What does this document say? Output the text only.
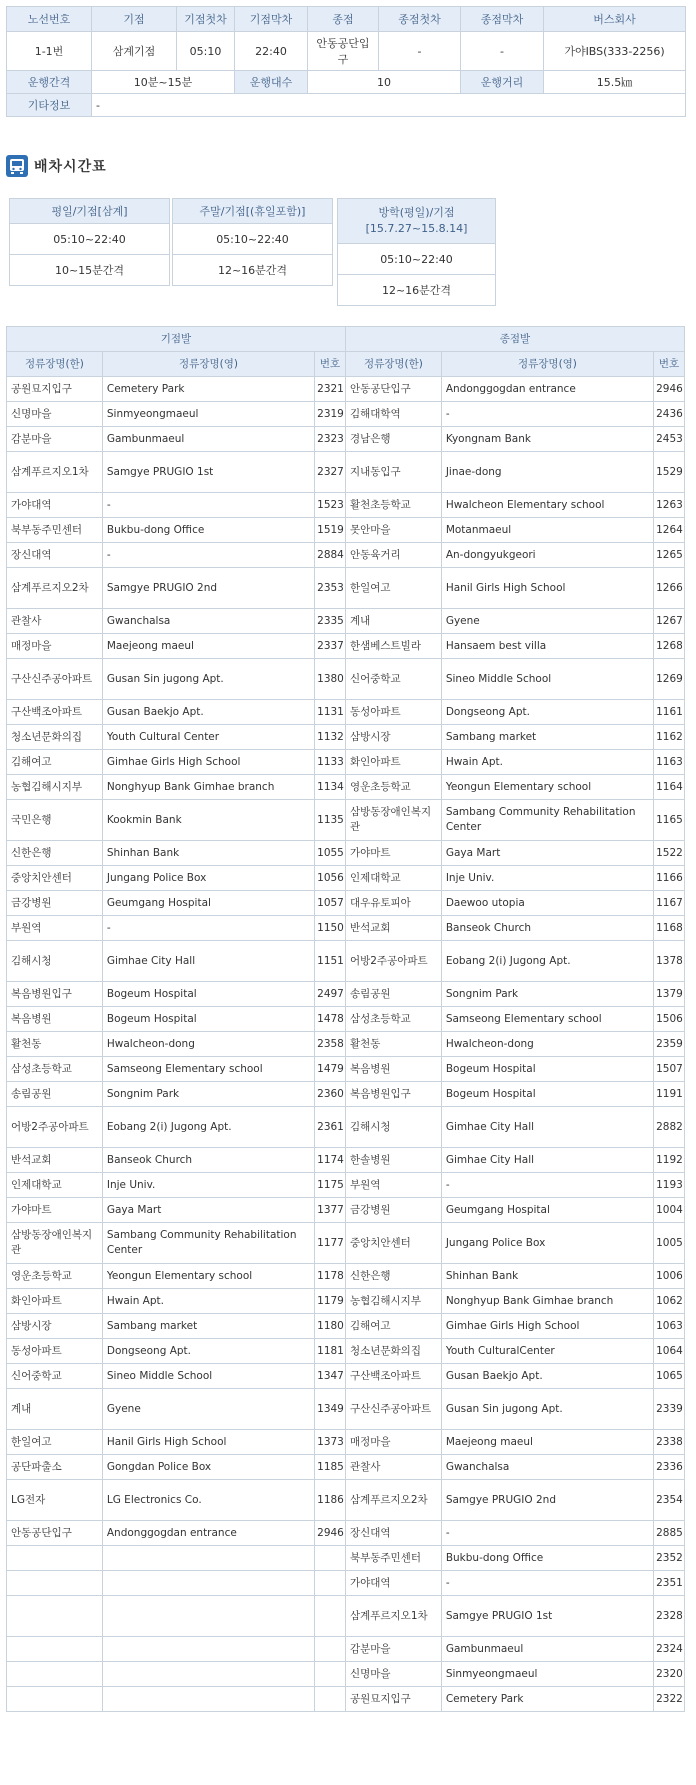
노선번호	기점	기점첫차	기점막차	종점	종점첫차	종점막차	버스회사
1-1번	삼계기점	05:10	22:40	안동공단입구	-	-	가야IBS(333-2256)
운행간격	10분~15분		운행대수	10		운행거리	15.5㎞
기타정보	-						
배차시간표
평일/기점[삼계]
05:10~22:40
10~15분간격
주말/기점[(휴일포함)]
05:10~22:40
12~16분간격
방학(평일)/기점
[15.7.27~15.8.14]
05:10~22:40
12~16분간격
기점발			종점발		
정류장명(한)	정류장명(영)	번호	정류장명(한)	정류장명(영)	번호
공원묘지입구	Cemetery Park	2321	안동공단입구	Andonggogdan entrance	2946
신명마을	Sinmyeongmaeul	2319	김해대학역	-	2436
감분마을	Gambunmaeul	2323	경남은행	Kyongnam Bank	2453
삼계푸르지오1차	Samgye PRUGIO 1st	2327	지내동입구	Jinae-dong	1529
가야대역	-	1523	활천초등학교	Hwalcheon Elementary school	1263
북부동주민센터	Bukbu-dong Office	1519	못안마을	Motanmaeul	1264
장신대역	-	2884	안동육거리	An-dongyukgeori	1265
삼계푸르지오2차	Samgye PRUGIO 2nd	2353	한일여고	Hanil Girls High School	1266
관찰사	Gwanchalsa	2335	계내	Gyene	1267
매정마을	Maejeong maeul	2337	한샘베스트빌라	Hansaem best villa	1268
구산신주공아파트	Gusan Sin jugong Apt.	1380	신어중학교	Sineo Middle School	1269
구산백조아파트	Gusan Baekjo Apt.	1131	동성아파트	Dongseong Apt.	1161
청소년문화의집	Youth Cultural Center	1132	삼방시장	Sambang market	1162
김해여고	Gimhae Girls High School	1133	화인아파트	Hwain Apt.	1163
농협김해시지부	Nonghyup Bank Gimhae branch	1134	영운초등학교	Yeongun Elementary school	1164
국민은행	Kookmin Bank	1135	삼방동장애인복지관	Sambang Community Rehabilitation Center	1165
신한은행	Shinhan Bank	1055	가야마트	Gaya Mart	1522
중앙치안센터	Jungang Police Box	1056	인제대학교	Inje Univ.	1166
금강병원	Geumgang Hospital	1057	대우유토피아	Daewoo utopia	1167
부원역	-	1150	반석교회	Banseok Church	1168
김해시청	Gimhae City Hall	1151	어방2주공아파트	Eobang 2(i) Jugong Apt.	1378
복음병원입구	Bogeum Hospital	2497	송림공원	Songnim Park	1379
복음병원	Bogeum Hospital	1478	삼성초등학교	Samseong Elementary school	1506
활천동	Hwalcheon-dong	2358	활천동	Hwalcheon-dong	2359
삼성초등학교	Samseong Elementary school	1479	복음병원	Bogeum Hospital	1507
송림공원	Songnim Park	2360	복음병원입구	Bogeum Hospital	1191
어방2주공아파트	Eobang 2(i) Jugong Apt.	2361	김해시청	Gimhae City Hall	2882
반석교회	Banseok Church	1174	한솔병원	Gimhae City Hall	1192
인제대학교	Inje Univ.	1175	부원역	-	1193
가야마트	Gaya Mart	1377	금강병원	Geumgang Hospital	1004
삼방동장애인복지관	Sambang Community Rehabilitation Center	1177	중앙치안센터	Jungang Police Box	1005
영운초등학교	Yeongun Elementary school	1178	신한은행	Shinhan Bank	1006
화인아파트	Hwain Apt.	1179	농협김해시지부	Nonghyup Bank Gimhae branch	1062
삼방시장	Sambang market	1180	김해여고	Gimhae Girls High School	1063
동성아파트	Dongseong Apt.	1181	청소년문화의집	Youth CulturalCenter	1064
신어중학교	Sineo Middle School	1347	구산백조아파트	Gusan Baekjo Apt.	1065
계내	Gyene	1349	구산신주공아파트	Gusan Sin jugong Apt.	2339
한일여고	Hanil Girls High School	1373	매정마을	Maejeong maeul	2338
공단파출소	Gongdan Police Box	1185	관찰사	Gwanchalsa	2336
LG전자	LG Electronics Co.	1186	삼계푸르지오2차	Samgye PRUGIO 2nd	2354
안동공단입구	Andonggogdan entrance	2946	장신대역	-	2885
			북부동주민센터	Bukbu-dong Office	2352
			가야대역	-	2351
			삼계푸르지오1차	Samgye PRUGIO 1st	2328
			감분마을	Gambunmaeul	2324
			신명마을	Sinmyeongmaeul	2320
			공원묘지입구	Cemetery Park	2322
